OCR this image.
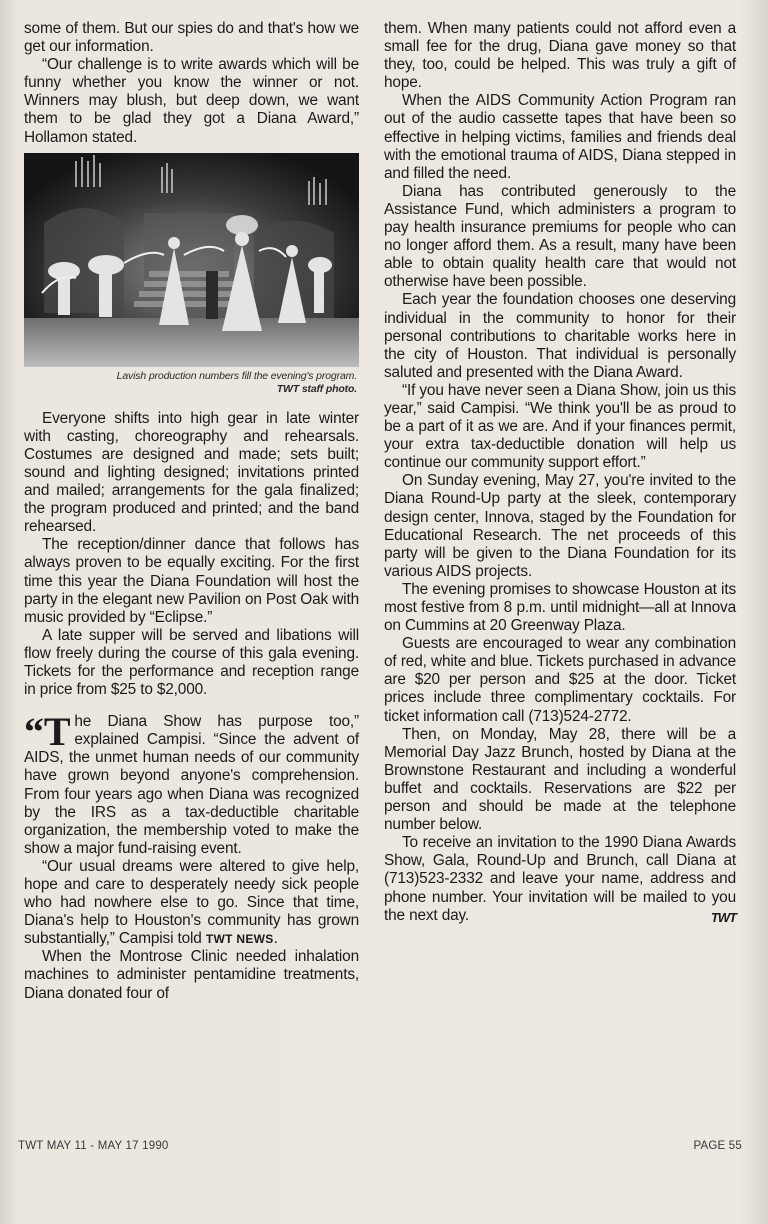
some of them. But our spies do and that's how we get our information.

“Our challenge is to write awards which will be funny whether you know the winner or not. Winners may blush, but deep down, we want them to be glad they got a Diana Award,” Hollamon stated.

Lavish production numbers fill the evening's program.
TWT staff photo.

Everyone shifts into high gear in late winter with casting, choreography and rehearsals. Costumes are designed and made; sets built; sound and lighting designed; invitations printed and mailed; arrangements for the gala finalized; the program produced and printed; and the band rehearsed.

The reception/dinner dance that follows has always proven to be equally exciting. For the first time this year the Diana Foundation will host the party in the elegant new Pavilion on Post Oak with music provided by “Eclipse.”

A late supper will be served and libations will flow freely during the course of this gala evening. Tickets for the performance and reception range in price from $25 to $2,000.

“T he Diana Show has purpose too,” explained Campisi. “Since the advent of AIDS, the unmet human needs of our community have grown beyond anyone's comprehension. From four years ago when Diana was recognized by the IRS as a tax-deductible charitable organization, the membership voted to make the show a major fund-raising event.

“Our usual dreams were altered to give help, hope and care to desperately needy sick people who had nowhere else to go. Since that time, Diana's help to Houston's community has grown substantially,” Campisi told TWT NEWS.

When the Montrose Clinic needed inhalation machines to administer pentamidine treatments, Diana donated four of

them. When many patients could not afford even a small fee for the drug, Diana gave money so that they, too, could be helped. This was truly a gift of hope.

When the AIDS Community Action Program ran out of the audio cassette tapes that have been so effective in helping victims, families and friends deal with the emotional trauma of AIDS, Diana stepped in and filled the need.

Diana has contributed generously to the Assistance Fund, which administers a program to pay health insurance premiums for people who can no longer afford them. As a result, many have been able to obtain quality health care that would not otherwise have been possible.

Each year the foundation chooses one deserving individual in the community to honor for their personal contributions to charitable works here in the city of Houston. That individual is personally saluted and presented with the Diana Award.

“If you have never seen a Diana Show, join us this year,” said Campisi. “We think you'll be as proud to be a part of it as we are. And if your finances permit, your extra tax-deductible donation will help us continue our community support effort.”

On Sunday evening, May 27, you're invited to the Diana Round-Up party at the sleek, contemporary design center, Innova, staged by the Foundation for Educational Research. The net proceeds of this party will be given to the Diana Foundation for its various AIDS projects.

The evening promises to showcase Houston at its most festive from 8 p.m. until midnight—all at Innova on Cummins at 20 Greenway Plaza.

Guests are encouraged to wear any combination of red, white and blue. Tickets purchased in advance are $20 per person and $25 at the door. Ticket prices include three complimentary cocktails. For ticket information call (713)524-2772.

Then, on Monday, May 28, there will be a Memorial Day Jazz Brunch, hosted by Diana at the Brownstone Restaurant and including a wonderful buffet and cocktails. Reservations are $22 per person and should be made at the telephone number below.

To receive an invitation to the 1990 Diana Awards Show, Gala, Round-Up and Brunch, call Diana at (713)523-2332 and leave your name, address and phone number. Your invitation will be mailed to you the next day.	TWT

TWT MAY 11 - MAY 17 1990	PAGE 55
